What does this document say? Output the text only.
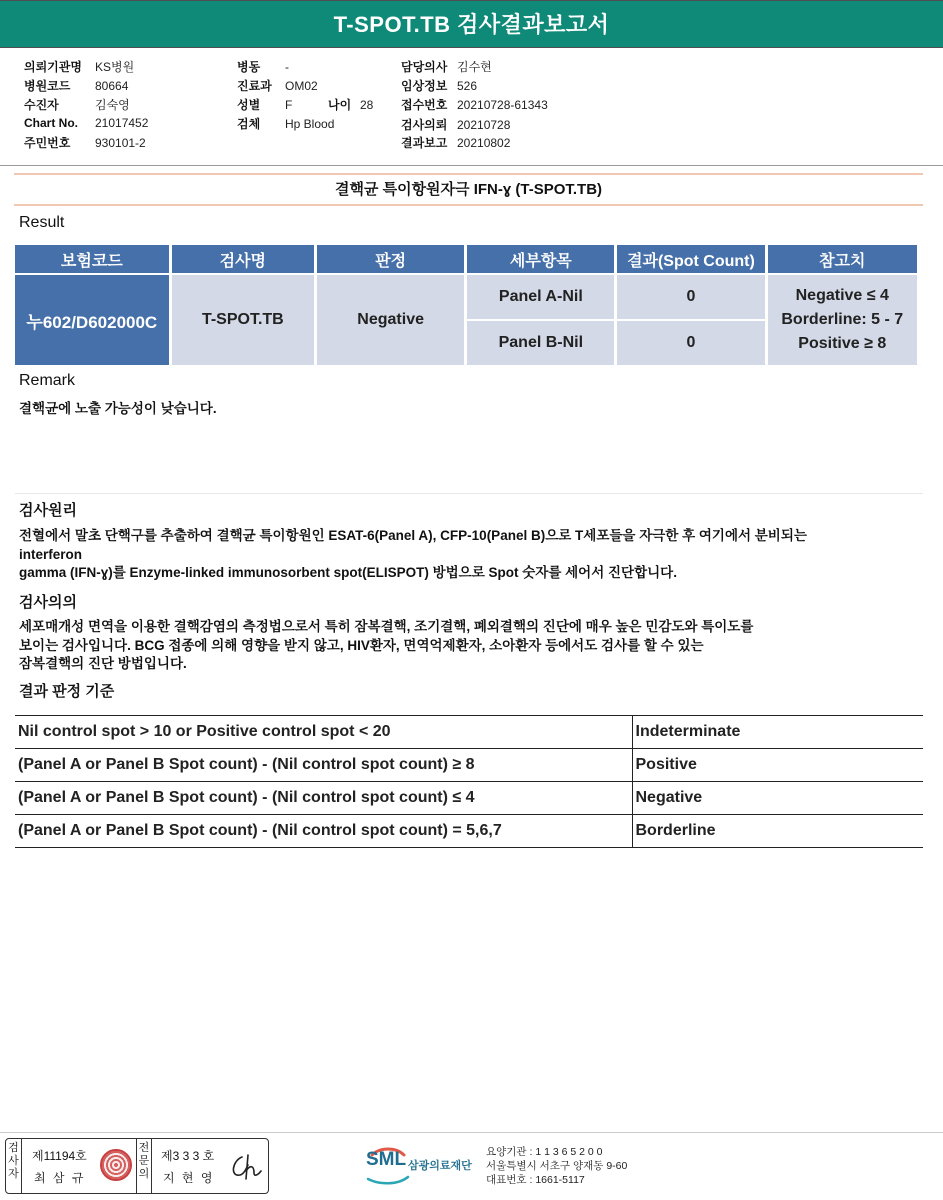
T-SPOT.TB 검사결과보고서
의뢰기관명 KS병원
병원코드 80664
수진자	김숙영
Chart No. 21017452
주민번호 930101-2
병동 -
진료과 OM02
성별 F	나이 28
검체 Hp Blood
담당의사 김수현
임상정보 526
접수번호 20210728-61343
검사의뢰 20210728
결과보고 20210802
결핵균 특이항원자극 IFN-ɣ (T-SPOT.TB)
Result
보험코드	검사명	판정	세부항목	결과(Spot Count)	참고치
누602/D602000C	T-SPOT.TB	Negative	Panel A-Nil	0	Negative ≤ 4
Borderline: 5 - 7
Positive ≥ 8

			Panel B-Nil	0	
Remark
결핵균에 노출 가능성이 낮습니다.
검사원리
전혈에서 말초 단핵구를 추출하여 결핵균 특이항원인 ESAT-6(Panel A), CFP-10(Panel B)으로 T세포들을 자극한 후 여기에서 분비되는
interferon
gamma (IFN-ɣ)를 Enzyme-linked immunosorbent spot(ELISPOT) 방법으로 Spot 숫자를 세어서 진단합니다.
검사의의
세포매개성 면역을 이용한 결핵감염의 측정법으로서 특히 잠복결핵, 조기결핵, 폐외결핵의 진단에 매우 높은 민감도와 특이도를
보이는 검사입니다. BCG 접종에 의해 영향을 받지 않고, HIV환자, 면역억제환자, 소아환자 등에서도 검사를 할 수 있는
잠복결핵의 진단 방법입니다.
결과 판정 기준
Nil control spot > 10 or Positive control spot < 20	Indeterminate
(Panel A or Panel B Spot count) - (Nil control spot count) ≥ 8	Positive
(Panel A or Panel B Spot count) - (Nil control spot count) ≤ 4	Negative
(Panel A or Panel B Spot count) - (Nil control spot count) = 5,6,7	Borderline
검사자
제11194호
최 삼 규
전문의
제3 3 3 호
지 현 영
SML 삼광의료재단
요양기관 : 1 1 3 6 5 2 0 0
서울특별시 서초구 양재동 9-60
대표번호 : 1661-5117
